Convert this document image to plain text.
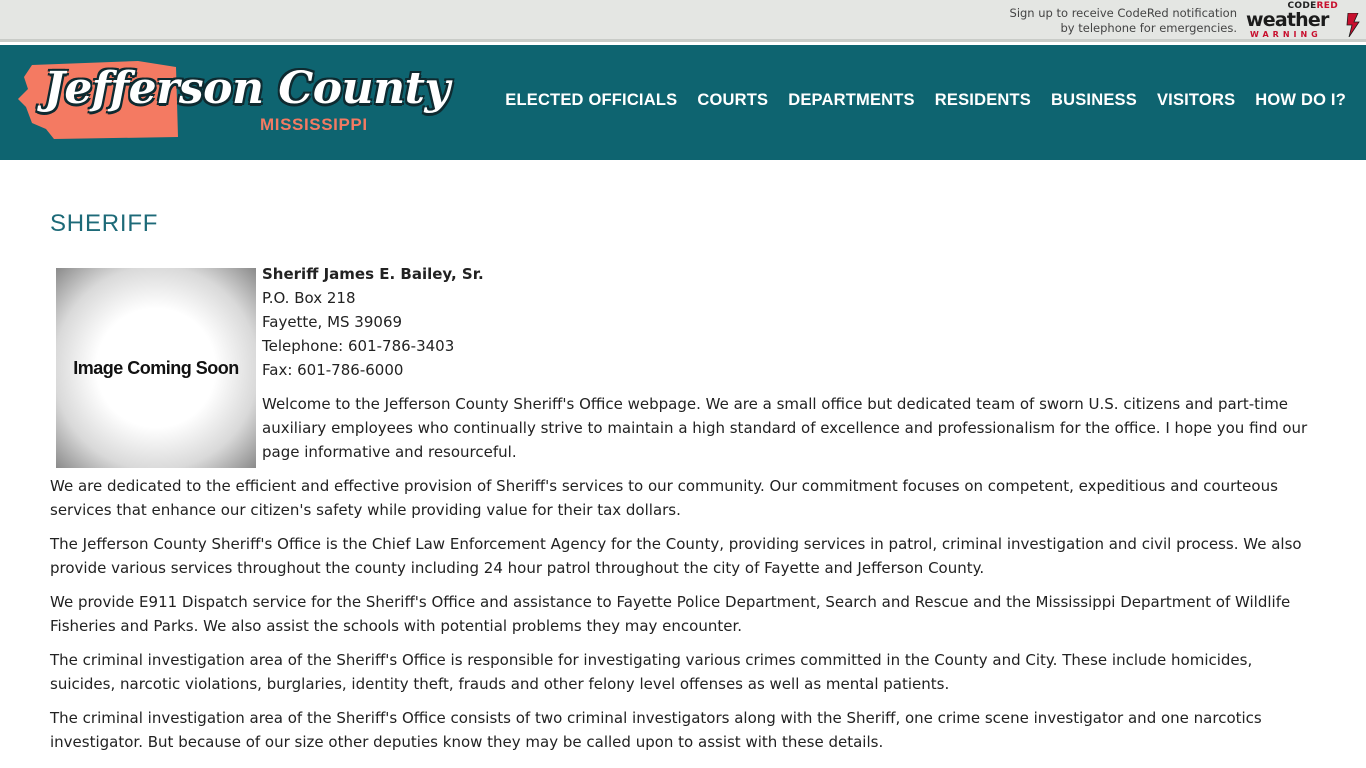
Sign up to receive CodeRed notification
by telephone for emergencies.
CODERED
weather
WARNING
Jefferson County
MISSISSIPPI
ELECTED OFFICIALS COURTS DEPARTMENTS RESIDENTS BUSINESS VISITORS HOW DO I?
SHERIFF
Image Coming Soon
Sheriff James E. Bailey, Sr.
P.O. Box 218
Fayette, MS 39069
Telephone: 601-786-3403
Fax: 601-786-6000

Welcome to the Jefferson County Sheriff's Office webpage. We are a small office but dedicated team of sworn U.S. citizens and part-time auxiliary employees who continually strive to maintain a high standard of excellence and professionalism for the office. I hope you find our page informative and resourceful.

We are dedicated to the efficient and effective provision of Sheriff's services to our community. Our commitment focuses on competent, expeditious and courteous services that enhance our citizen's safety while providing value for their tax dollars.

The Jefferson County Sheriff's Office is the Chief Law Enforcement Agency for the County, providing services in patrol, criminal investigation and civil process. We also provide various services throughout the county including 24 hour patrol throughout the city of Fayette and Jefferson County.

We provide E911 Dispatch service for the Sheriff's Office and assistance to Fayette Police Department, Search and Rescue and the Mississippi Department of Wildlife Fisheries and Parks. We also assist the schools with potential problems they may encounter.

The criminal investigation area of the Sheriff's Office is responsible for investigating various crimes committed in the County and City. These include homicides, suicides, narcotic violations, burglaries, identity theft, frauds and other felony level offenses as well as mental patients.

The criminal investigation area of the Sheriff's Office consists of two criminal investigators along with the Sheriff, one crime scene investigator and one narcotics investigator. But because of our size other deputies know they may be called upon to assist with these details.
